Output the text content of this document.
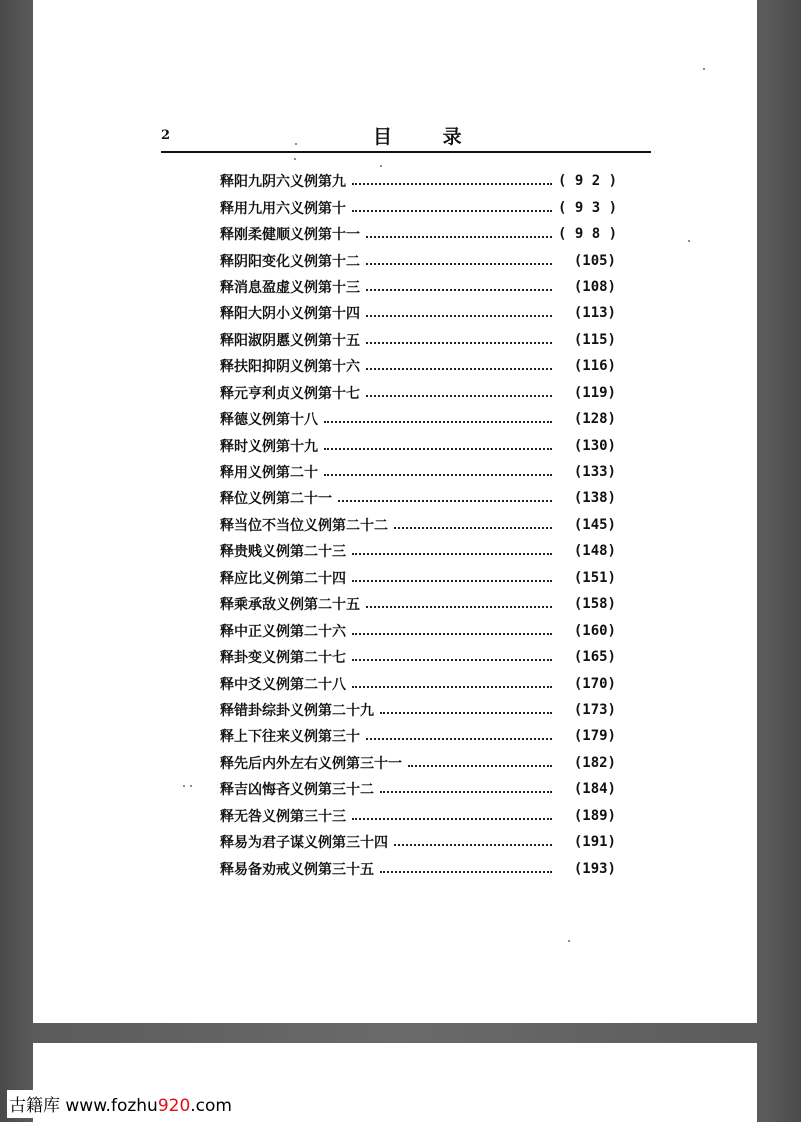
2	目 录
释阳九阴六义例第九	( 9 2 )
释用九用六义例第十	( 9 3 )
释刚柔健顺义例第十一	( 9 8 )
释阴阳变化义例第十二	(105)
释消息盈虚义例第十三	(108)
释阳大阴小义例第十四	(113)
释阳淑阴慝义例第十五	(115)
释扶阳抑阴义例第十六	(116)
释元亨利贞义例第十七	(119)
释德义例第十八	(128)
释时义例第十九	(130)
释用义例第二十	(133)
释位义例第二十一	(138)
释当位不当位义例第二十二	(145)
释贵贱义例第二十三	(148)
释应比义例第二十四	(151)
释乘承敌义例第二十五	(158)
释中正义例第二十六	(160)
释卦变义例第二十七	(165)
释中爻义例第二十八	(170)
释错卦综卦义例第二十九	(173)
释上下往来义例第三十	(179)
释先后内外左右义例第三十一	(182)
释吉凶悔吝义例第三十二	(184)
释无咎义例第三十三	(189)
释易为君子谋义例第三十四	(191)
释易备劝戒义例第三十五	(193)
古籍库 www.fozhu920.com
